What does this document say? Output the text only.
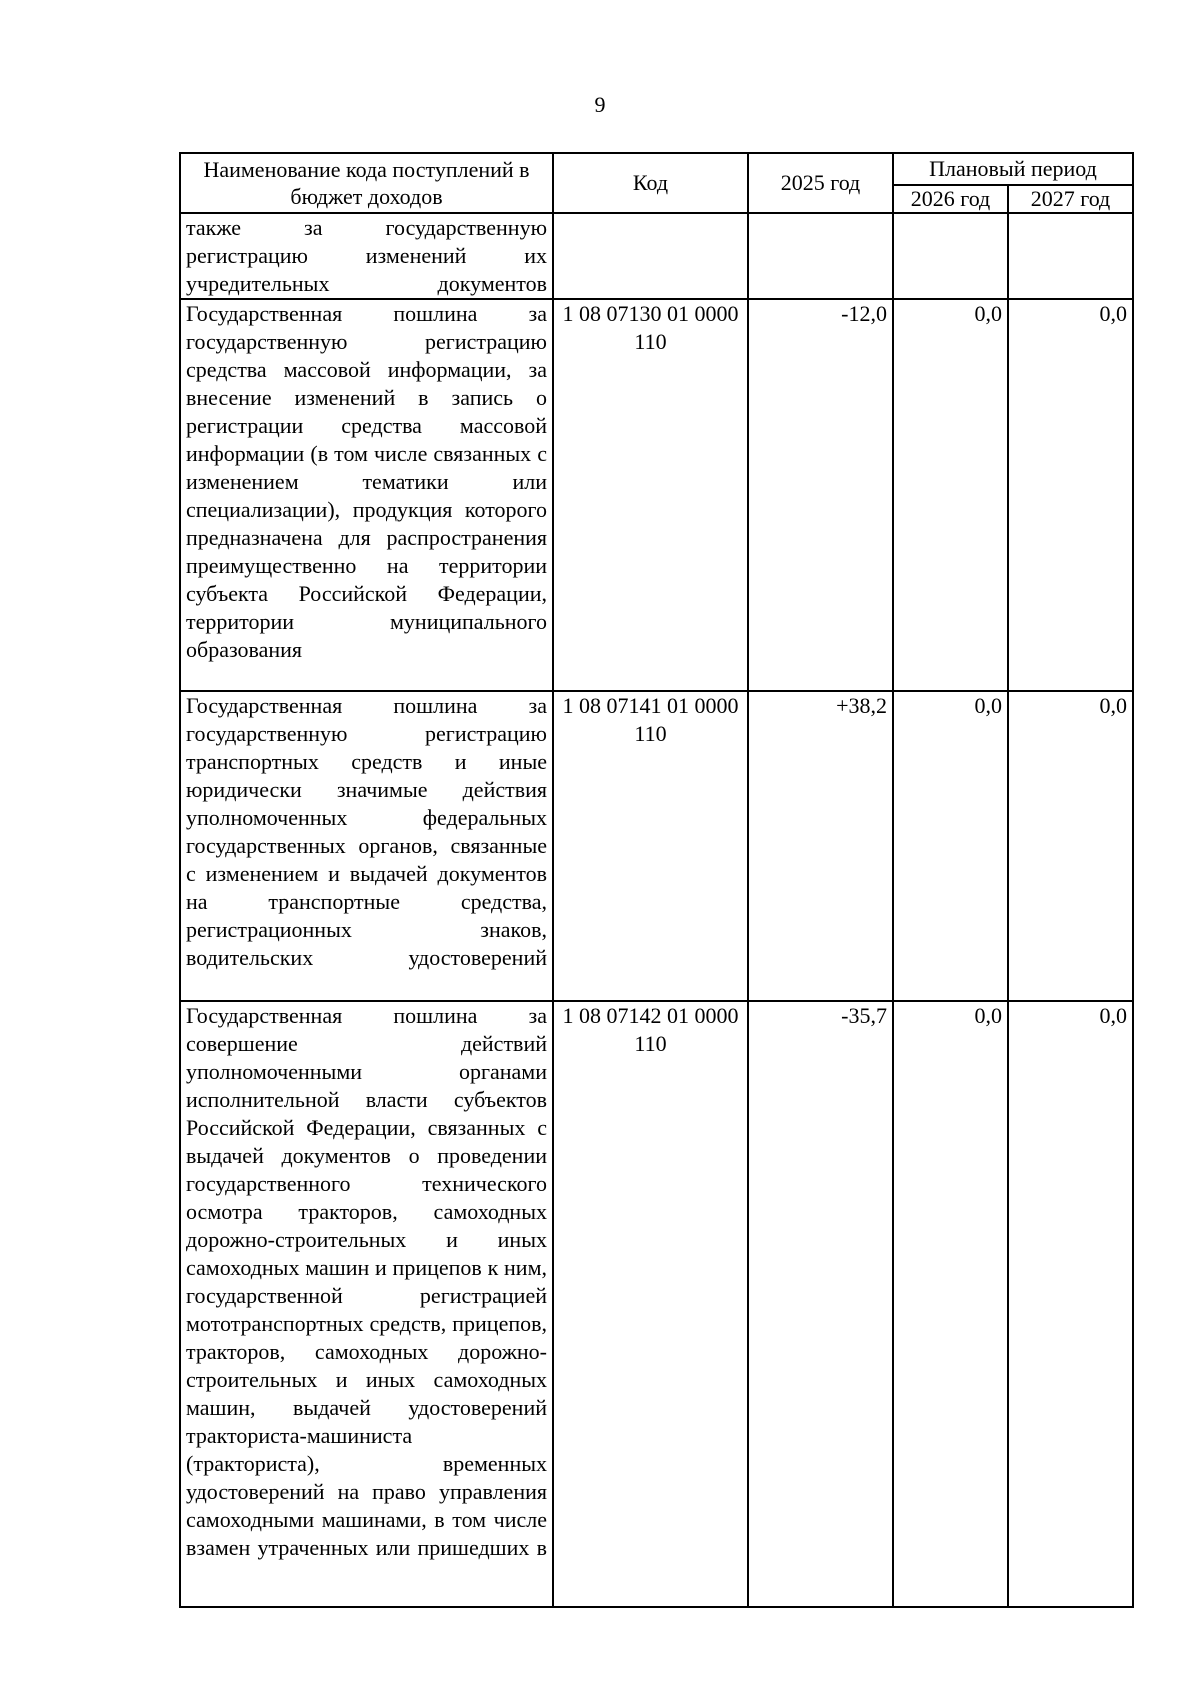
9
Наименование кода поступлений в бюджет доходов	Код	2025 год	Плановый период	
			2026 год	2027 год
также за государственную регистрацию изменений их учредительных документов				
Государственная пошлина за государственную регистрацию средства массовой информации, за внесение изменений в запись о регистрации средства массовой информации (в том числе связанных с изменением тематики или специализации), продукция которого предназначена для распространения преимущественно на территории субъекта Российской Федерации, территории муниципального образования	1 08 07130 01 0000 110	-12,0	0,0	0,0
Государственная пошлина за государственную регистрацию транспортных средств и иные юридически значимые действия уполномоченных федеральных государственных органов, связанные с изменением и выдачей документов на транспортные средства, регистрационных знаков, водительских удостоверений	1 08 07141 01 0000 110	+38,2	0,0	0,0
Государственная пошлина за совершение действий уполномоченными органами исполнительной власти субъектов Российской Федерации, связанных с выдачей документов о проведении государственного технического осмотра тракторов, самоходных дорожно-строительных и иных самоходных машин и прицепов к ним, государственной регистрацией мототранспортных средств, прицепов, тракторов, самоходных дорожно-строительных и иных самоходных машин, выдачей удостоверений тракториста-машиниста (тракториста), временных удостоверений на право управления самоходными машинами, в том числе взамен утраченных или пришедших в	1 08 07142 01 0000 110	-35,7	0,0	0,0
